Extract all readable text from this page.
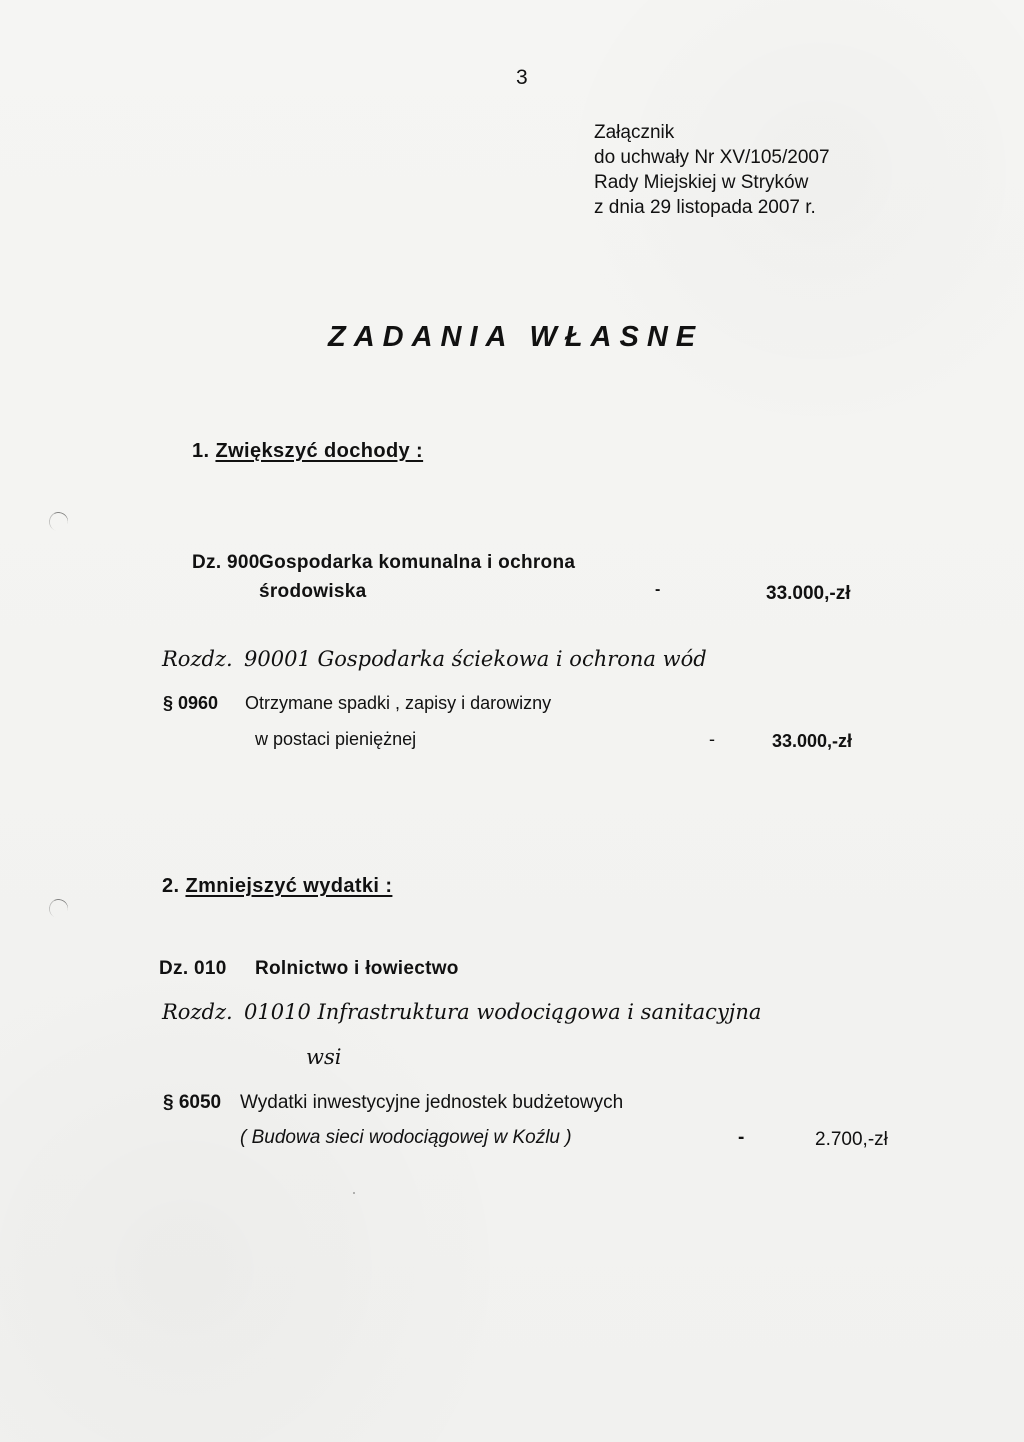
3
Załącznik
do uchwały Nr XV/105/2007
Rady Miejskiej w Stryków
z dnia 29 listopada 2007 r.
ZADANIA WŁASNE
1. Zwiększyć dochody :
Dz. 900 Gospodarka komunalna i ochrona
środowiska	-	33.000,-zł
Rozdz. 90001 Gospodarka ściekowa i ochrona wód
§ 0960 Otrzymane spadki , zapisy i darowizny
w postaci pieniężnej	-	33.000,-zł
2. Zmniejszyć wydatki :
Dz. 010 Rolnictwo i łowiectwo
Rozdz. 01010 Infrastruktura wodociągowa i sanitacyjna
wsi
§ 6050 Wydatki inwestycyjne jednostek budżetowych
( Budowa sieci wodociągowej w Koźlu )	-	2.700,-zł
